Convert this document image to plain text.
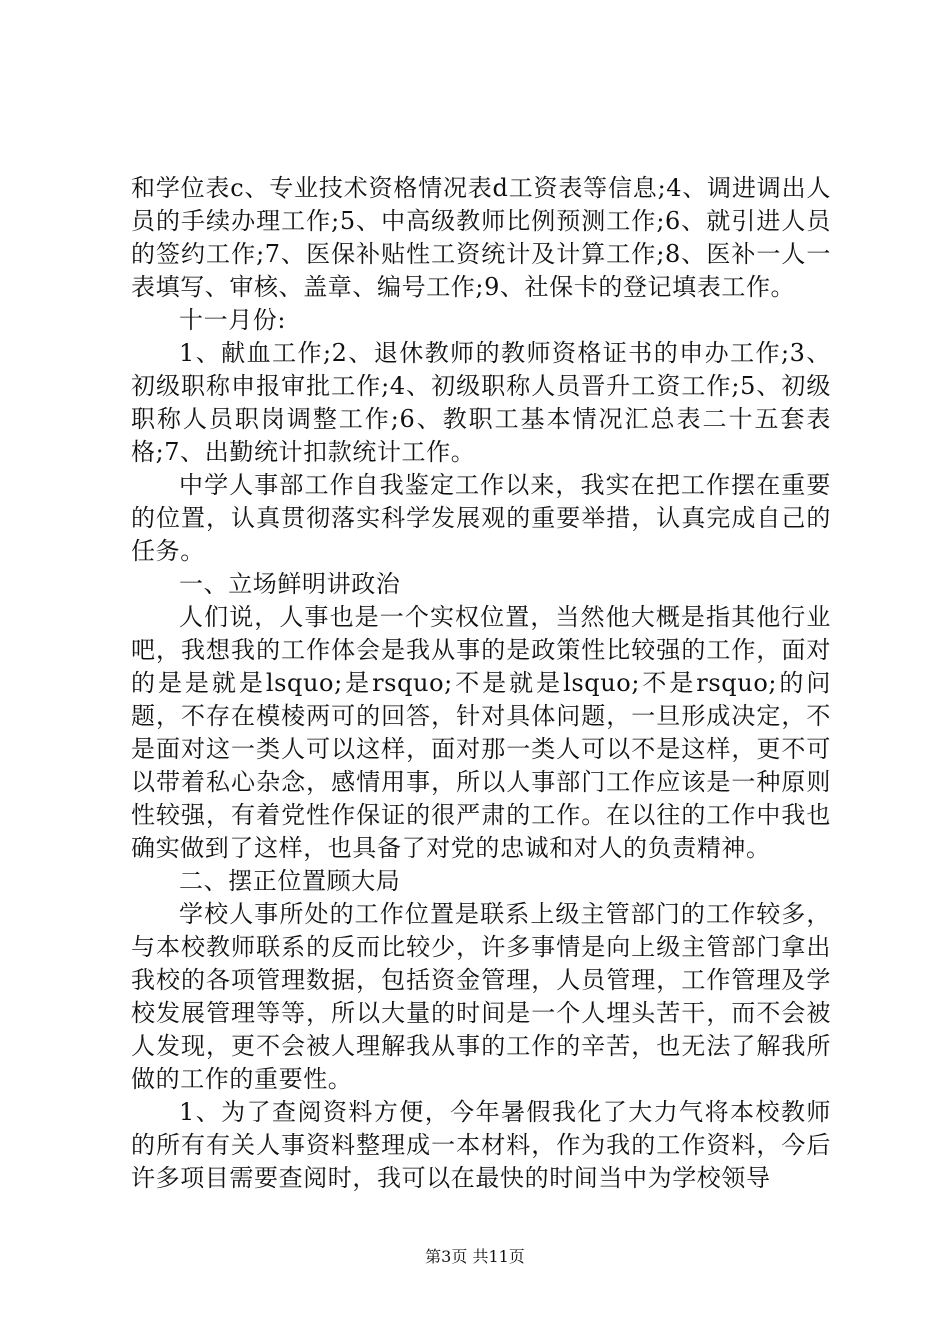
和学位表c、专业技术资格情况表d工资表等信息;4、调进调出人员的手续办理工作;5、中高级教师比例预测工作;6、就引进人员的签约工作;7、医保补贴性工资统计及计算工作;8、医补一人一表填写、审核、盖章、编号工作;9、社保卡的登记填表工作。

十一月份:

1、献血工作;2、退休教师的教师资格证书的申办工作;3、初级职称申报审批工作;4、初级职称人员晋升工资工作;5、初级职称人员职岗调整工作;6、教职工基本情况汇总表二十五套表格;7、出勤统计扣款统计工作。

中学人事部工作自我鉴定工作以来，我实在把工作摆在重要的位置，认真贯彻落实科学发展观的重要举措，认真完成自己的任务。

一、立场鲜明讲政治

人们说，人事也是一个实权位置，当然他大概是指其他行业吧，我想我的工作体会是我从事的是政策性比较强的工作，面对的是是就是lsquo;是rsquo;不是就是lsquo;不是rsquo;的问题，不存在模棱两可的回答，针对具体问题，一旦形成决定，不是面对这一类人可以这样，面对那一类人可以不是这样，更不可以带着私心杂念，感情用事，所以人事部门工作应该是一种原则性较强，有着党性作保证的很严肃的工作。在以往的工作中我也确实做到了这样，也具备了对党的忠诚和对人的负责精神。

二、摆正位置顾大局

学校人事所处的工作位置是联系上级主管部门的工作较多，与本校教师联系的反而比较少，许多事情是向上级主管部门拿出我校的各项管理数据，包括资金管理，人员管理，工作管理及学校发展管理等等，所以大量的时间是一个人埋头苦干，而不会被人发现，更不会被人理解我从事的工作的辛苦，也无法了解我所做的工作的重要性。

1、为了查阅资料方便，今年暑假我化了大力气将本校教师的所有有关人事资料整理成一本材料，作为我的工作资料，今后许多项目需要查阅时，我可以在最快的时间当中为学校领导

第3页 共11页
